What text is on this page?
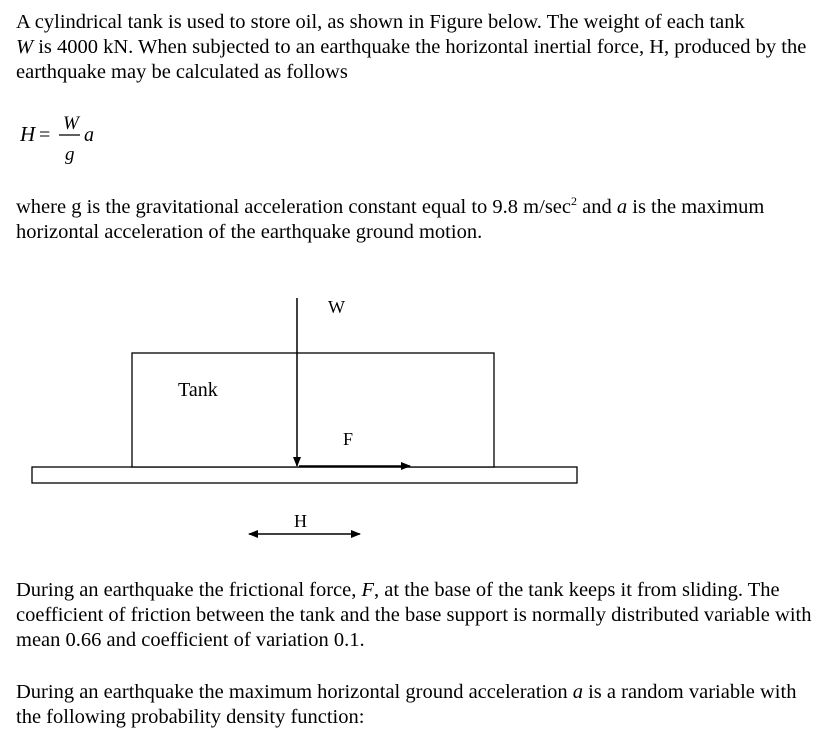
A cylindrical tank is used to store oil, as shown in Figure below. The weight of each tank
W is 4000 kN. When subjected to an earthquake the horizontal inertial force, H, produced by the earthquake may be calculated as follows

H =
W
g
a

where g is the gravitational acceleration constant equal to 9.8 $m/\sec^2$ and a is the maximum horizontal acceleration of the earthquake ground motion.

Tank
W
F
H

During an earthquake the frictional force, F, at the base of the tank keeps it from sliding. The coefficient of friction between the tank and the base support is normally distributed variable with mean 0.66 and coefficient of variation 0.1.

During an earthquake the maximum horizontal ground acceleration a is a random variable with the following probability density function:
